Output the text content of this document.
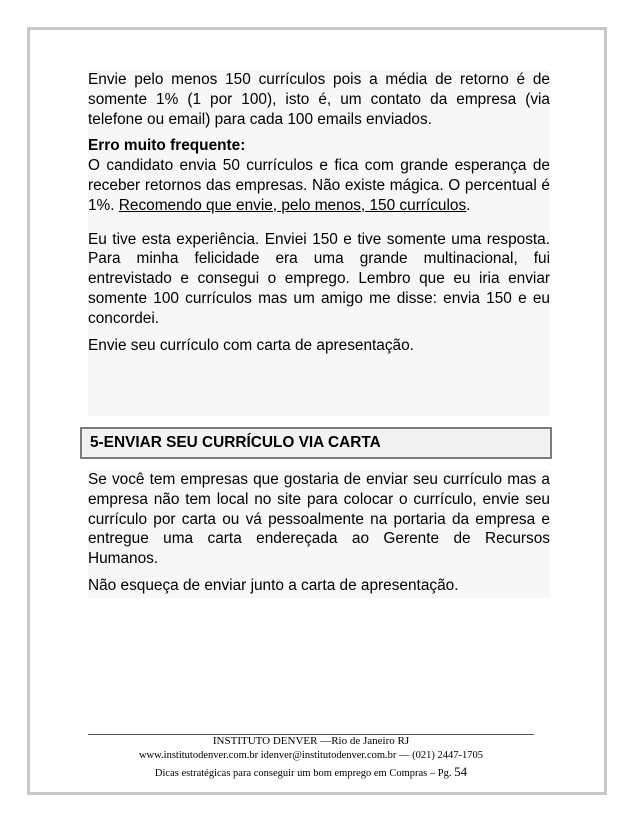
Envie pelo menos 150 currículos pois a média de retorno é de somente 1% (1 por 100), isto é, um contato da empresa (via telefone ou email) para cada 100 emails enviados.

Erro muito frequente:
O candidato envia 50 currículos e fica com grande esperança de receber retornos das empresas. Não existe mágica. O percentual é 1%. Recomendo que envie, pelo menos, 150 currículos.

Eu tive esta experiência. Enviei 150 e tive somente uma resposta. Para minha felicidade era uma grande multinacional, fui entrevistado e consegui o emprego. Lembro que eu iria enviar somente 100 currículos mas um amigo me disse: envia 150 e eu concordei.

Envie seu currículo com carta de apresentação.

5-ENVIAR SEU CURRÍCULO VIA CARTA

Se você tem empresas que gostaria de enviar seu currículo mas a empresa não tem local no site para colocar o currículo, envie seu currículo por carta ou vá pessoalmente na portaria da empresa e entregue uma carta endereçada ao Gerente de Recursos Humanos.

Não esqueça de enviar junto a carta de apresentação.

INSTITUTO DENVER —Rio de Janeiro RJ
www.institutodenver.com.br idenver@institutodenver.com.br — (021) 2447-1705
Dicas estratégicas para conseguir um bom emprego em Compras – Pg. 54
